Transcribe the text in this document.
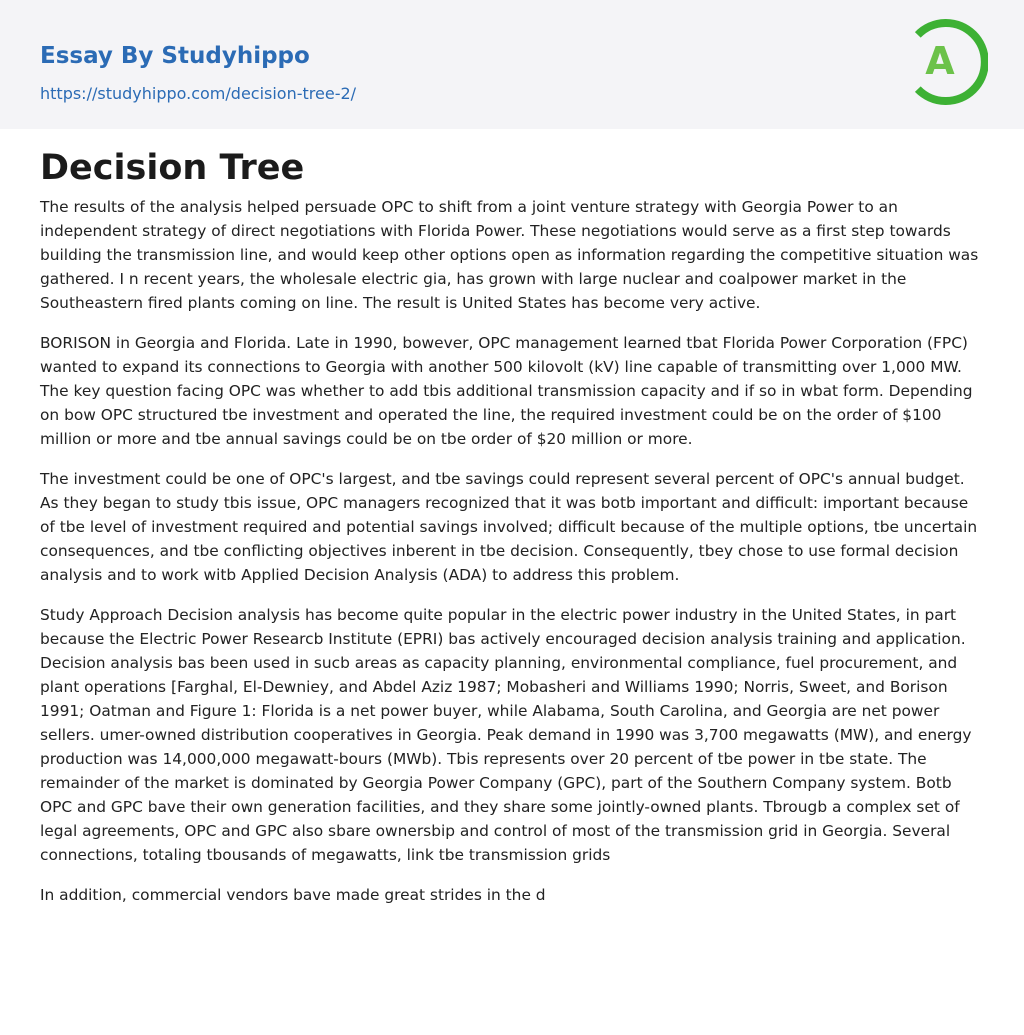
Essay By Studyhippo
https://studyhippo.com/decision-tree-2/
A
Decision Tree

The results of the analysis helped persuade OPC to shift from a joint venture strategy with Georgia Power to an independent strategy of direct negotiations with Florida Power. These negotiations would serve as a first step towards building the transmission line, and would keep other options open as information regarding the competitive situation was gathered. I n recent years, the wholesale electric gia, has grown with large nuclear and coalpower market in the Southeastern fired plants coming on line. The result is United States has become very active.

BORISON in Georgia and Florida. Late in 1990, bowever, OPC management learned tbat Florida Power Corporation (FPC) wanted to expand its connections to Georgia with another 500 kilovolt (kV) line capable of transmitting over 1,000 MW. The key question facing OPC was whether to add tbis additional transmission capacity and if so in wbat form. Depending on bow OPC structured tbe investment and operated the line, the required investment could be on the order of $100 million or more and tbe annual savings could be on tbe order of $20 million or more.

The investment could be one of OPC's largest, and tbe savings could represent several percent of OPC's annual budget. As they began to study tbis issue, OPC managers recognized that it was botb important and difficult: important because of tbe level of investment required and potential savings involved; difficult because of the multiple options, tbe uncertain consequences, and tbe conflicting objectives inberent in tbe decision. Consequently, tbey chose to use formal decision analysis and to work witb Applied Decision Analysis (ADA) to address this problem.

Study Approach Decision analysis has become quite popular in the electric power industry in the United States, in part because the Electric Power Researcb Institute (EPRI) bas actively encouraged decision analysis training and application. Decision analysis bas been used in sucb areas as capacity planning, environmental compliance, fuel procurement, and plant operations [Farghal, El-Dewniey, and Abdel Aziz 1987; Mobasheri and Williams 1990; Norris, Sweet, and Borison 1991; Oatman and Figure 1: Florida is a net power buyer, while Alabama, South Carolina, and Georgia are net power sellers. umer-owned distribution cooperatives in Georgia. Peak demand in 1990 was 3,700 megawatts (MW), and energy production was 14,000,000 megawatt-bours (MWb). Tbis represents over 20 percent of tbe power in tbe state. The remainder of the market is dominated by Georgia Power Company (GPC), part of the Southern Company system. Botb OPC and GPC bave their own generation facilities, and they share some jointly-owned plants. Tbrougb a complex set of legal agreements, OPC and GPC also sbare ownersbip and control of most of the transmission grid in Georgia. Several connections, totaling tbousands of megawatts, link tbe transmission grids

In addition, commercial vendors bave made great strides in the d
